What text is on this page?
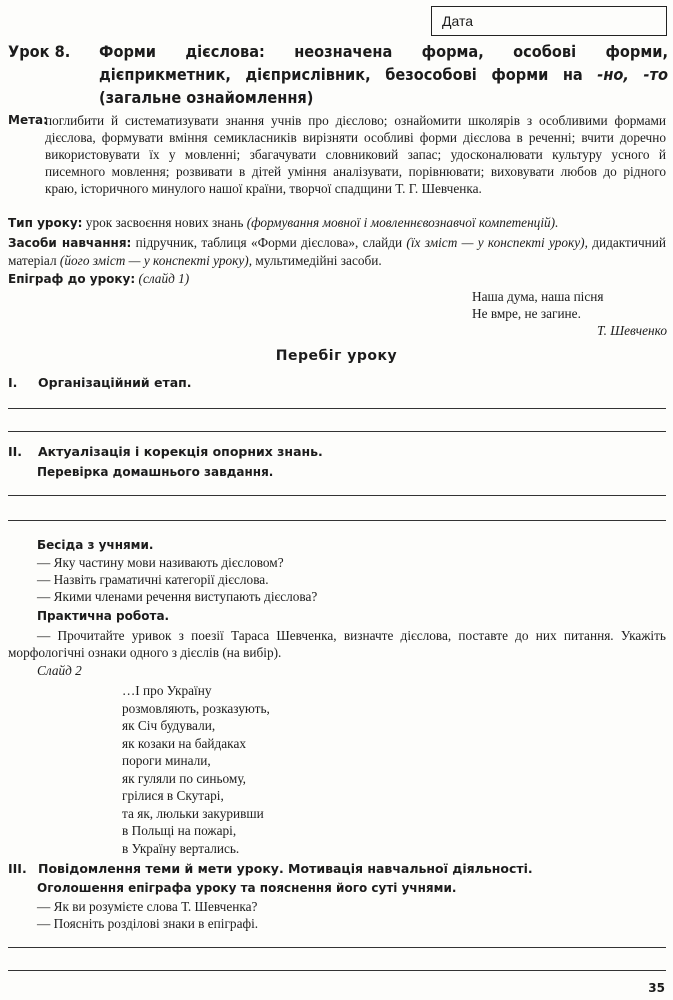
Дата
Урок 8. Форми дієслова: неозначена форма, особові форми, дієприкметник, дієприслівник, безособові форми на -но, -то (загальне ознайомлення)
Мета:
поглибити й систематизувати знання учнів про дієслово; ознайомити школярів з особливими формами дієслова, формувати вміння семикласників вирізняти особливі форми дієслова в реченні; вчити доречно використовувати їх у мовленні; збагачувати словниковий запас; удосконалювати культуру усного й писемного мовлення; розвивати в дітей уміння аналізувати, порівнювати; виховувати любов до рідного краю, історичного минулого нашої країни, творчої спадщини Т. Г. Шевченка.

Тип уроку: урок засвоєння нових знань (формування мовної і мовленнєвознавчої компетенцій).

Засоби навчання: підручник, таблиця «Форми дієслова», слайди (їх зміст — у конспекті уроку), дидактичний матеріал (його зміст — у конспекті уроку), мультимедійні засоби.

Епіграф до уроку: (слайд 1)

Наша дума, наша пісня
Не вмре, не загине.
Т. Шевченко
Перебіг уроку
I. Організаційний етап.
II. Актуалізація і корекція опорних знань.
Перевірка домашнього завдання.
Бесіда з учнями.
— Яку частину мови називають дієсловом?
— Назвіть граматичні категорії дієслова.
— Якими членами речення виступають дієслова?
Практична робота.

— Прочитайте уривок з поезії Тараса Шевченка, визначте дієслова, поставте до них питання. Укажіть морфологічні ознаки одного з дієслів (на вибір).

Слайд 2
…І про Україну
розмовляють, розказують,
як Січ будували,
як козаки на байдаках
пороги минали,
як гуляли по синьому,
грілися в Скутарі,
та як, люльки закуривши
в Польщі на пожарі,
в Україну вертались.
III. Повідомлення теми й мети уроку. Мотивація навчальної діяльності.
Оголошення епіграфа уроку та пояснення його суті учнями.
— Як ви розумієте слова Т. Шевченка?
— Поясніть розділові знаки в епіграфі.
35
